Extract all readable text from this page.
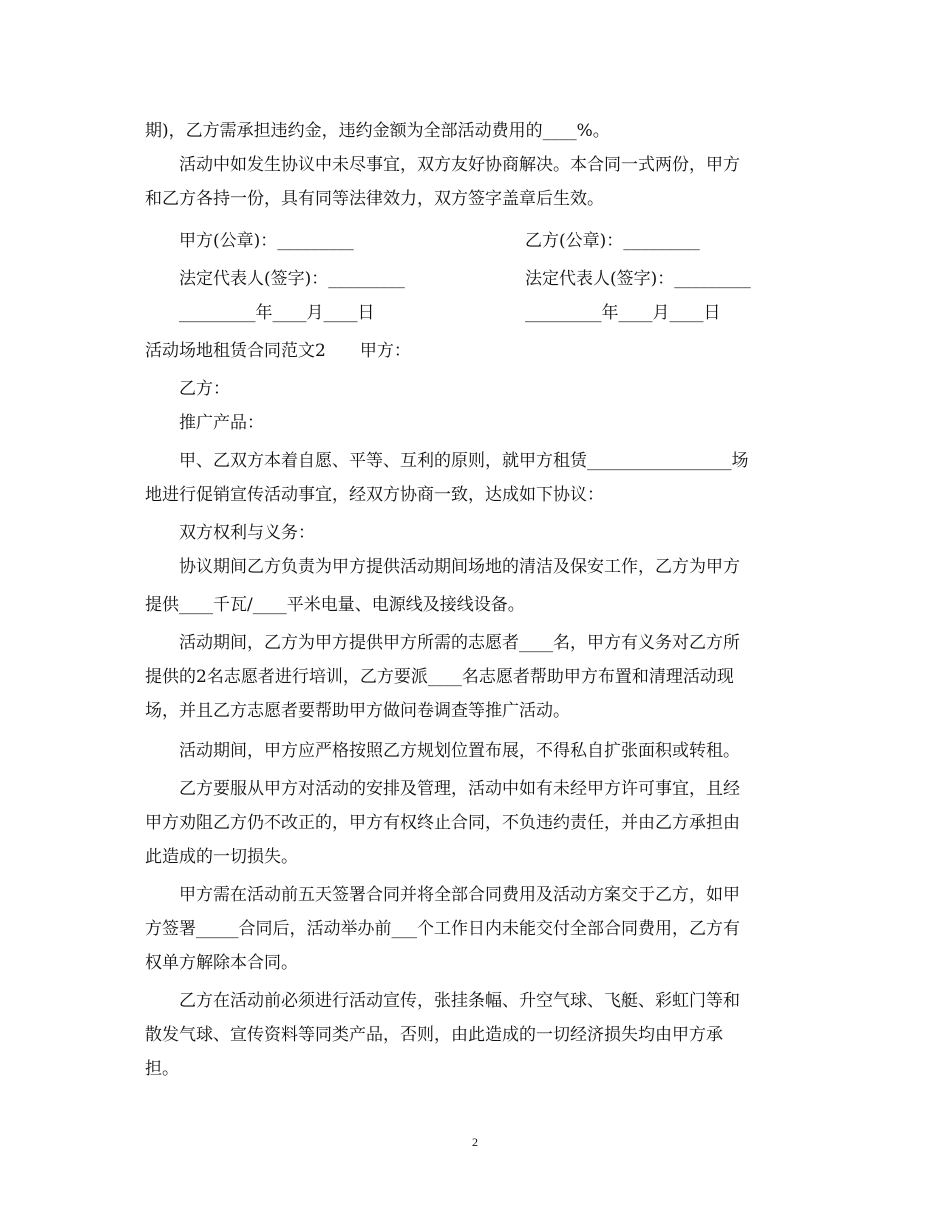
期)，乙方需承担违约金，违约金额为全部活动费用的____%。
活动中如发生协议中未尽事宜，双方友好协商解决。本合同一式两份，甲方
和乙方各持一份，具有同等法律效力，双方签字盖章后生效。
甲方(公章)：_________	乙方(公章)：_________
法定代表人(签字)：_________	法定代表人(签字)：_________
_________年____月____日	_________年____月____日
活动场地租赁合同范文2　　甲方：
乙方：
推广产品：
甲、乙双方本着自愿、平等、互利的原则，就甲方租赁_________________场
地进行促销宣传活动事宜，经双方协商一致，达成如下协议：
双方权利与义务：
协议期间乙方负责为甲方提供活动期间场地的清洁及保安工作，乙方为甲方
提供____千瓦/____平米电量、电源线及接线设备。
活动期间，乙方为甲方提供甲方所需的志愿者____名，甲方有义务对乙方所
提供的2名志愿者进行培训，乙方要派____名志愿者帮助甲方布置和清理活动现
场，并且乙方志愿者要帮助甲方做问卷调查等推广活动。
活动期间，甲方应严格按照乙方规划位置布展，不得私自扩张面积或转租。
乙方要服从甲方对活动的安排及管理，活动中如有未经甲方许可事宜，且经
甲方劝阻乙方仍不改正的，甲方有权终止合同，不负违约责任，并由乙方承担由
此造成的一切损失。
甲方需在活动前五天签署合同并将全部合同费用及活动方案交于乙方，如甲
方签署_____合同后，活动举办前___个工作日内未能交付全部合同费用，乙方有
权单方解除本合同。
乙方在活动前必须进行活动宣传，张挂条幅、升空气球、飞艇、彩虹门等和
散发气球、宣传资料等同类产品，否则，由此造成的一切经济损失均由甲方承
担。
2
